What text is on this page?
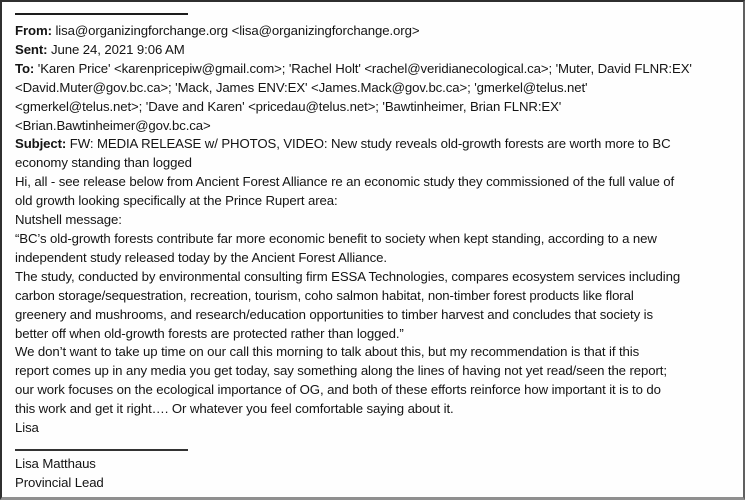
From: lisa@organizingforchange.org <lisa@organizingforchange.org>
Sent: June 24, 2021 9:06 AM
To: 'Karen Price' <karenpricepiw@gmail.com>; 'Rachel Holt' <rachel@veridianecological.ca>; 'Muter, David FLNR:EX'
<David.Muter@gov.bc.ca>; 'Mack, James ENV:EX' <James.Mack@gov.bc.ca>; 'gmerkel@telus.net'
<gmerkel@telus.net>; 'Dave and Karen' <pricedau@telus.net>; 'Bawtinheimer, Brian FLNR:EX'
<Brian.Bawtinheimer@gov.bc.ca>
Subject: FW: MEDIA RELEASE w/ PHOTOS, VIDEO: New study reveals old-growth forests are worth more to BC
economy standing than logged
Hi, all - see release below from Ancient Forest Alliance re an economic study they commissioned of the full value of
old growth looking specifically at the Prince Rupert area:
Nutshell message:
“BC’s old-growth forests contribute far more economic benefit to society when kept standing, according to a new
independent study released today by the Ancient Forest Alliance.
The study, conducted by environmental consulting firm ESSA Technologies, compares ecosystem services including
carbon storage/sequestration, recreation, tourism, coho salmon habitat, non-timber forest products like floral
greenery and mushrooms, and research/education opportunities to timber harvest and concludes that society is
better off when old-growth forests are protected rather than logged.”
We don’t want to take up time on our call this morning to talk about this, but my recommendation is that if this
report comes up in any media you get today, say something along the lines of having not yet read/seen the report;
our work focuses on the ecological importance of OG, and both of these efforts reinforce how important it is to do
this work and get it right…. Or whatever you feel comfortable saying about it.
Lisa
Lisa Matthaus
Provincial Lead
